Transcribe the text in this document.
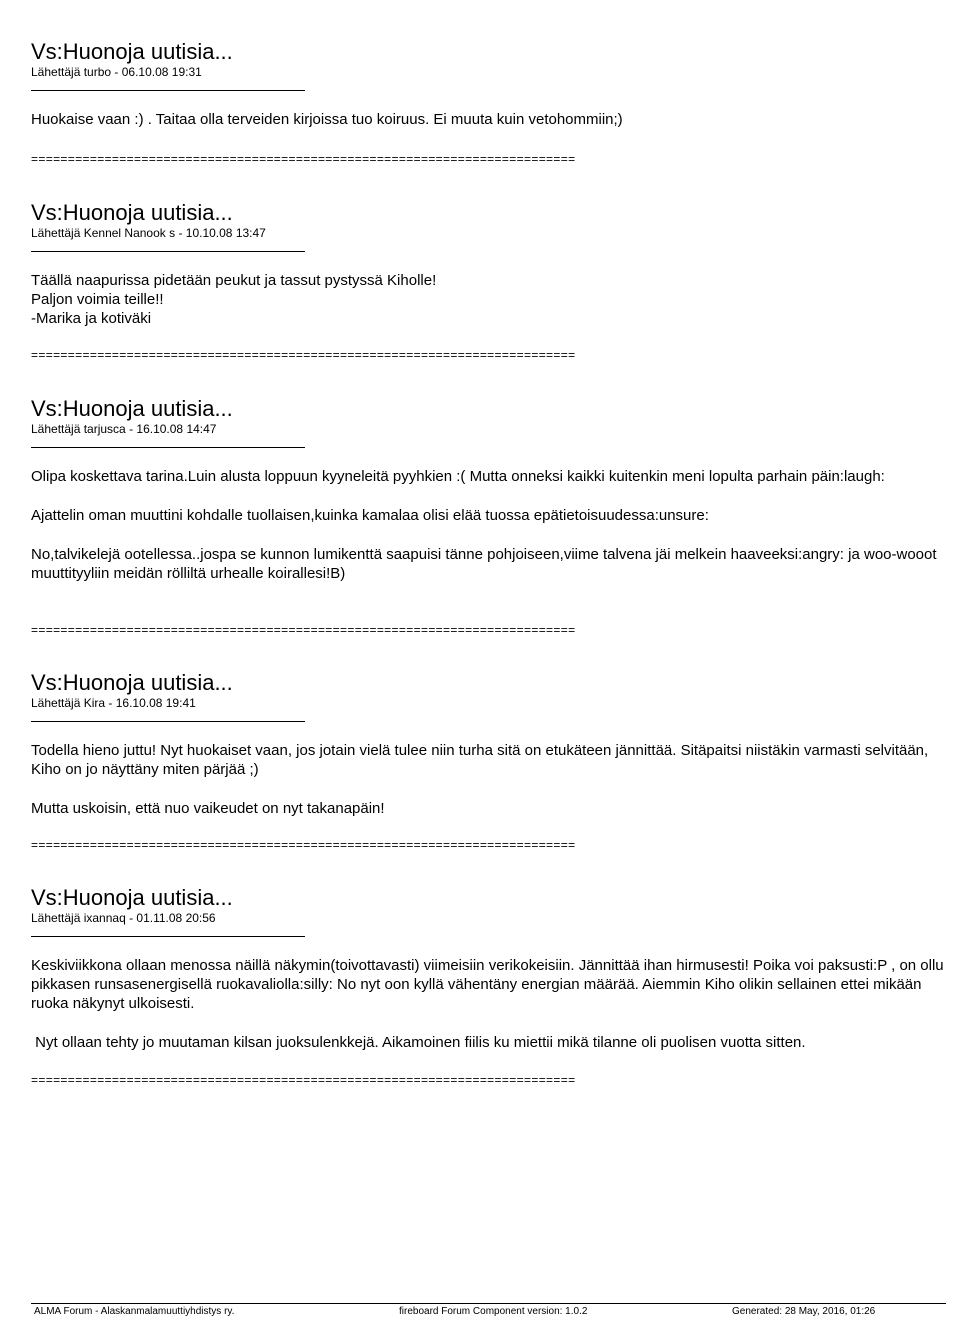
Vs:Huonoja uutisia...
Lähettäjä turbo - 06.10.08 19:31

Huokaise vaan :) . Taitaa olla terveiden kirjoissa tuo koiruus. Ei muuta kuin vetohommiin;)

==========================================================================
Vs:Huonoja uutisia...
Lähettäjä Kennel Nanook s - 10.10.08 13:47

Täällä naapurissa pidetään peukut ja tassut pystyssä Kiholle!
Paljon voimia teille!!
-Marika ja kotiväki

==========================================================================
Vs:Huonoja uutisia...
Lähettäjä tarjusca - 16.10.08 14:47

Olipa koskettava tarina.Luin alusta loppuun kyyneleitä pyyhkien :( Mutta onneksi kaikki kuitenkin meni lopulta parhain päin:laugh:

Ajattelin oman muuttini kohdalle tuollaisen,kuinka kamalaa olisi elää tuossa epätietoisuudessa:unsure:

No,talvikelejä ootellessa..jospa se kunnon lumikenttä saapuisi tänne pohjoiseen,viime talvena jäi melkein haaveeksi:angry: ja woo-wooot muuttityyliin meidän rölliltä urhealle koirallesi!B)

==========================================================================
Vs:Huonoja uutisia...
Lähettäjä Kira - 16.10.08 19:41

Todella hieno juttu! Nyt huokaiset vaan, jos jotain vielä tulee niin turha sitä on etukäteen jännittää. Sitäpaitsi niistäkin varmasti selvitään, Kiho on jo näyttäny miten pärjää ;)

Mutta uskoisin, että nuo vaikeudet on nyt takanapäin!

==========================================================================
Vs:Huonoja uutisia...
Lähettäjä ixannaq - 01.11.08 20:56

Keskiviikkona ollaan menossa näillä näkymin(toivottavasti) viimeisiin verikokeisiin. Jännittää ihan hirmusesti! Poika voi paksusti:P , on ollu pikkasen runsasenergisellä ruokavaliolla:silly: No nyt oon kyllä vähentäny energian määrää. Aiemmin Kiho olikin sellainen ettei mikään ruoka näkynyt ulkoisesti.

Nyt ollaan tehty jo muutaman kilsan juoksulenkkejä. Aikamoinen fiilis ku miettii mikä tilanne oli puolisen vuotta sitten.

==========================================================================
ALMA Forum - Alaskanmalamuuttiyhdistys ry.	fireboard Forum Component version: 1.0.2	Generated: 28 May, 2016, 01:26
